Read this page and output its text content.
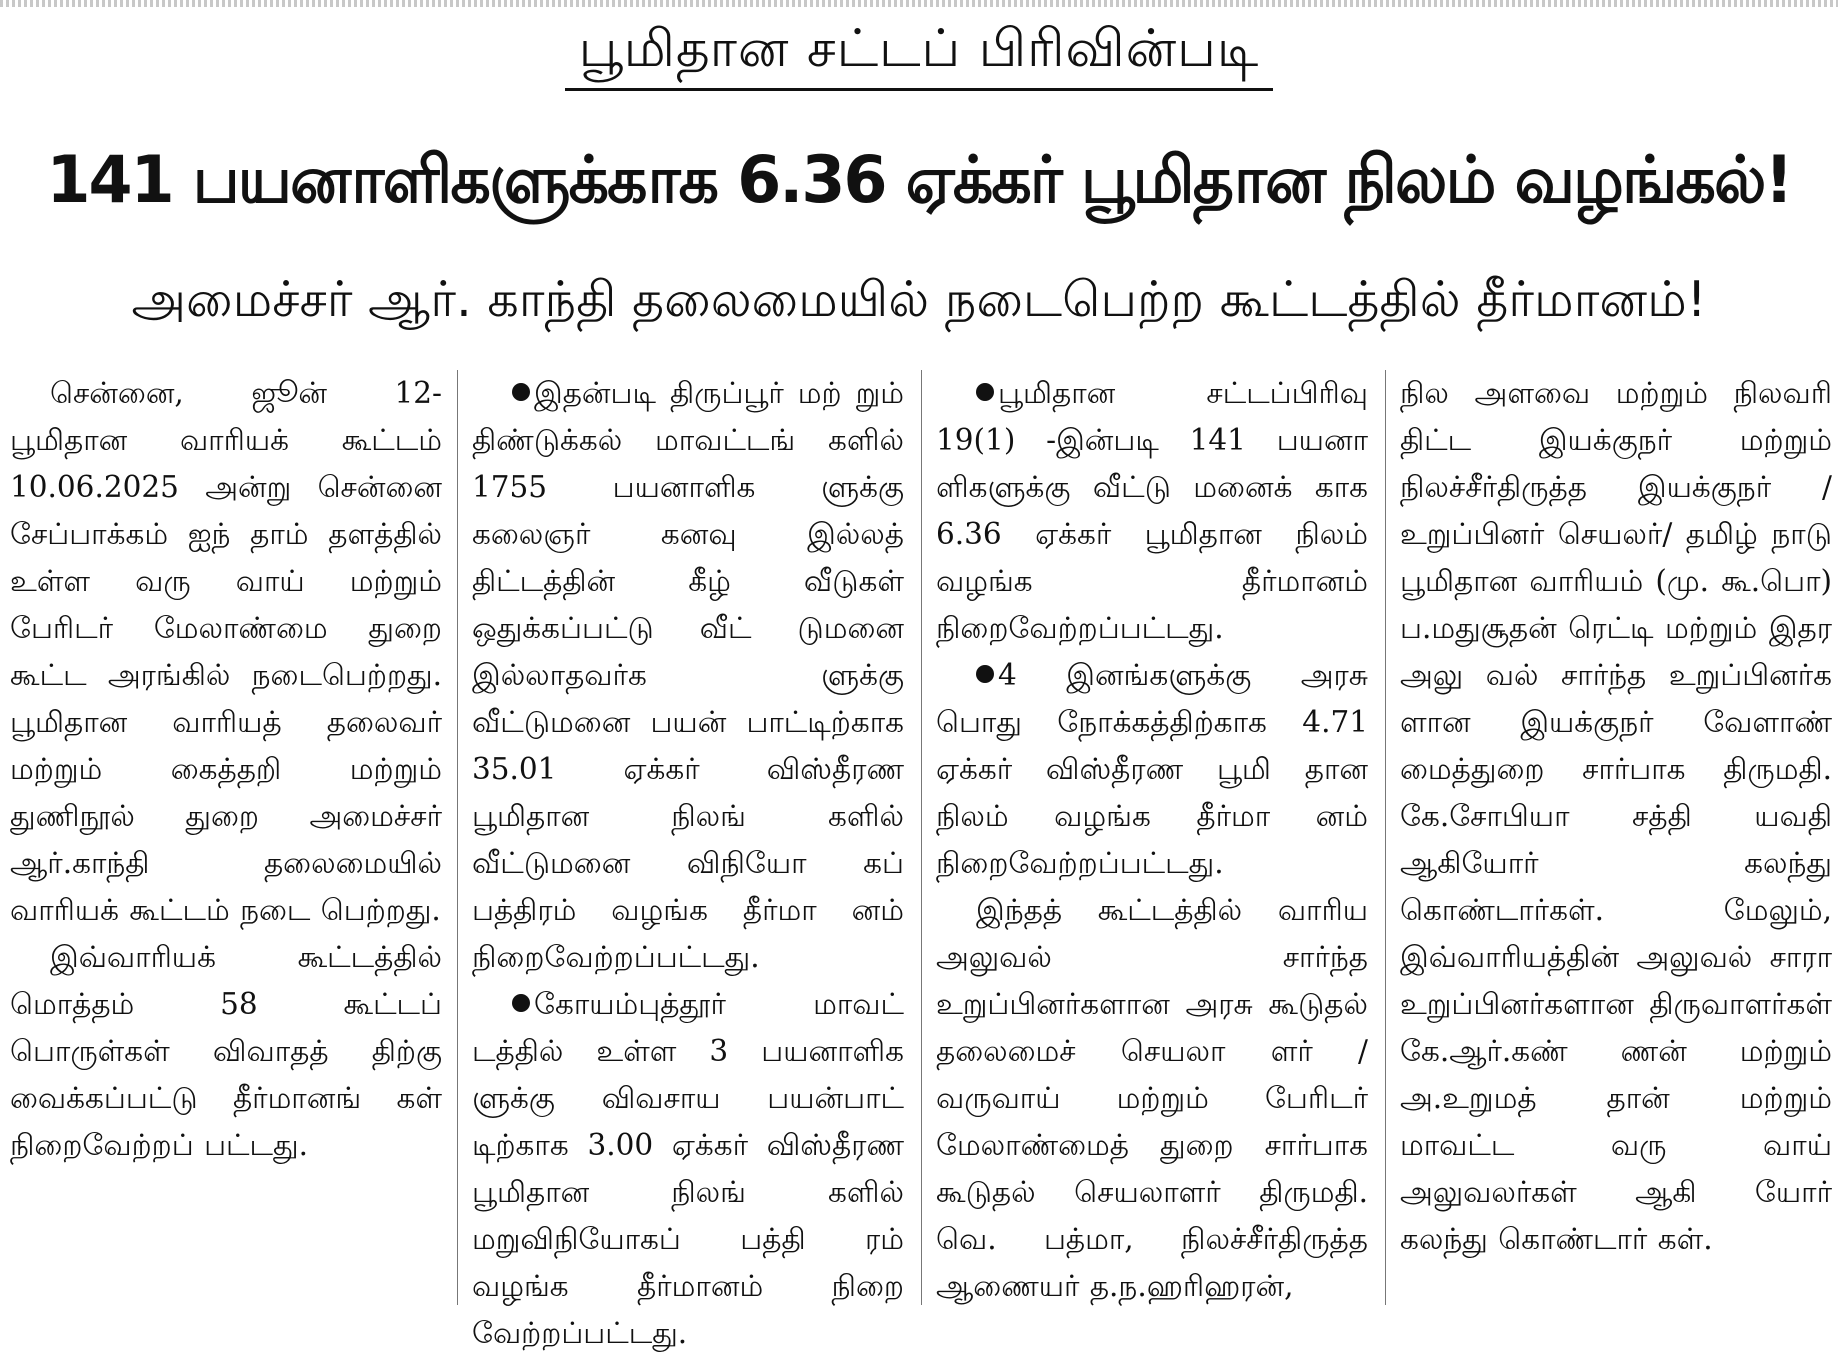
பூமிதான சட்டப் பிரிவின்படி
141 பயனாளிகளுக்காக 6.36 ஏக்கர் பூமிதான நிலம் வழங்கல்!
அமைச்சர் ஆர். காந்தி தலைமையில் நடைபெற்ற கூட்டத்தில் தீர்மானம்!

சென்னை, ஜூன் 12- பூமிதான வாரியக் கூட்டம் 10.06.2025 அன்று சென்னை சேப்பாக்கம் ஐந் தாம் தளத்தில் உள்ள வரு வாய் மற்றும் பேரிடர் மேலாண்மை துறை கூட்ட அரங்கில் நடைபெற்றது. பூமிதான வாரியத் தலைவர் மற்றும் கைத்தறி மற்றும் துணிநூல் துறை அமைச்சர் ஆர்.காந்தி தலைமையில் வாரியக் கூட்டம் நடை பெற்றது.

இவ்வாரியக் கூட்டத்தில் மொத்தம் 58 கூட்டப் பொருள்கள் விவாதத் திற்கு வைக்கப்பட்டு தீர்மானங் கள் நிறைவேற்றப் பட்டது.

இதன்படி திருப்பூர் மற் றும் திண்டுக்கல் மாவட்டங் களில் 1755 பயனாளிக ளுக்கு கலைஞர் கனவு இல்லத் திட்டத்தின் கீழ் வீடுகள் ஒதுக்கப்பட்டு வீட் டுமனை இல்லாதவர்க ளுக்கு வீட்டுமனை பயன் பாட்டிற்காக 35.01 ஏக்கர் விஸ்தீரண பூமிதான நிலங் களில் வீட்டுமனை விநியோ கப் பத்திரம் வழங்க தீர்மா னம் நிறைவேற்றப்பட்டது.

கோயம்புத்தூர் மாவட் டத்தில் உள்ள 3 பயனாளிக ளுக்கு விவசாய பயன்பாட் டிற்காக 3.00 ஏக்கர் விஸ்தீரண பூமிதான நிலங் களில் மறுவிநியோகப் பத்தி ரம் வழங்க தீர்மானம் நிறை வேற்றப்பட்டது.

பூமிதான சட்டப்பிரிவு 19(1) -இன்படி 141 பயனா ளிகளுக்கு வீட்டு மனைக் காக 6.36 ஏக்கர் பூமிதான நிலம் வழங்க தீர்மானம் நிறைவேற்றப்பட்டது.

4 இனங்களுக்கு அரசு பொது நோக்கத்திற்காக 4.71 ஏக்கர் விஸ்தீரண பூமி தான நிலம் வழங்க தீர்மா னம் நிறைவேற்றப்பட்டது.

இந்தத் கூட்டத்தில் வாரிய அலுவல் சார்ந்த உறுப்பினர்களான அரசு கூடுதல் தலைமைச் செயலா ளர் / வருவாய் மற்றும் பேரிடர் மேலாண்மைத் துறை சார்பாக கூடுதல் செயலாளர் திருமதி. வெ. பத்மா, நிலச்சீர்திருத்த ஆணையர் த.ந.ஹரிஹரன்,

நில அளவை மற்றும் நிலவரி திட்ட இயக்குநர் மற்றும் நிலச்சீர்திருத்த இயக்குநர் / உறுப்பினர் செயலர்/ தமிழ் நாடு பூமிதான வாரியம் (மு. கூ.பொ) ப.மதுசூதன் ரெட்டி மற்றும் இதர அலு வல் சார்ந்த உறுப்பினர்க ளான இயக்குநர் வேளாண் மைத்துறை சார்பாக திருமதி. கே.சோபியா சத்தி யவதி ஆகியோர் கலந்து கொண்டார்கள். மேலும், இவ்வாரியத்தின் அலுவல் சாரா உறுப்பினர்களான திருவாளர்கள் கே.ஆர்.கண் ணன் மற்றும் அ.உறுமத் தான் மற்றும் மாவட்ட வரு வாய் அலுவலர்கள் ஆகி யோர் கலந்து கொண்டார் கள்.
